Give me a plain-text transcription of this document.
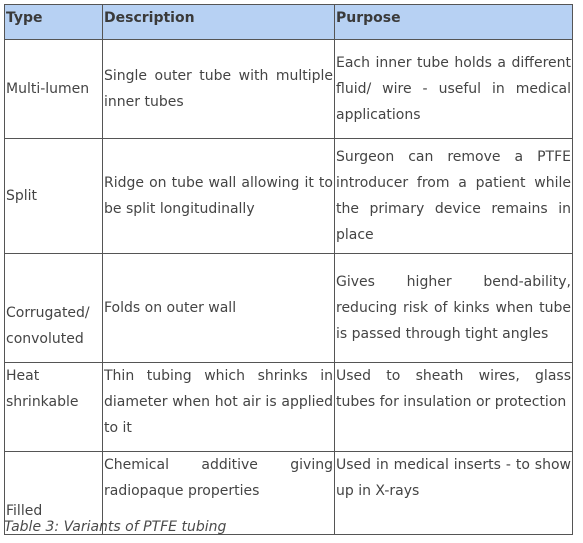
Type	Description	Purpose
Multi-lumen	Single outer tube with multiple inner tubes	Each inner tube holds a different fluid/ wire - useful in medical applications
Split	Ridge on tube wall allowing it to be split longitudinally	Surgeon can remove a PTFE introducer from a patient while the primary device remains in place
Corrugated/ convoluted	Folds on outer wall	Gives higher bend-ability, reducing risk of kinks when tube is passed through tight angles
Heat shrinkable	Thin tubing which shrinks in diameter when hot air is applied to it	Used to sheath wires, glass tubes for insulation or protection
Filled	Chemical additive giving radiopaque properties	Used in medical inserts - to show up in X-rays
Table 3: Variants of PTFE tubing
